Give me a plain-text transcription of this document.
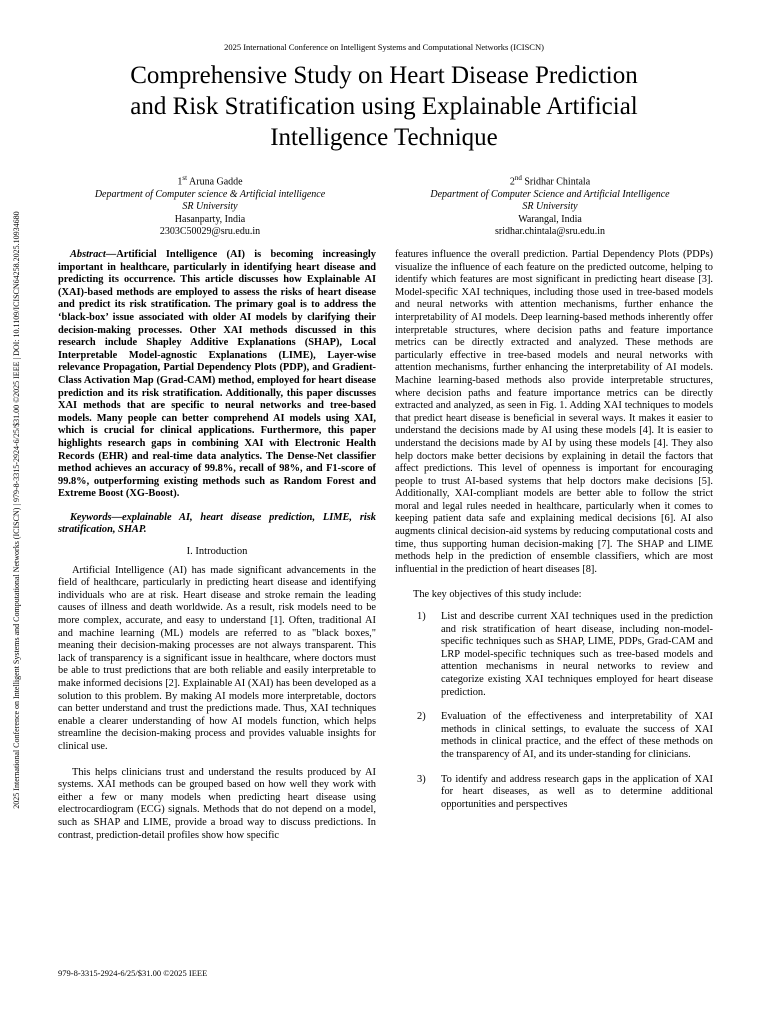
2025 International Conference on Intelligent Systems and Computational Networks (ICISCN)
Comprehensive Study on Heart Disease Prediction
and Risk Stratification using Explainable Artificial
Intelligence Technique
2025 International Conference on Intelligent Systems and Computational Networks (ICISCN) | 979-8-3315-2924-6/25/$31.00 ©2025 IEEE | DOI: 10.1109/ICISCN64258.2025.10934680
1st Aruna Gadde
Department of Computer science & Artificial intelligence
SR University
Hasanparty, India
2303C50029@sru.edu.in
2nd Sridhar Chintala
Department of Computer Science and Artificial Intelligence
SR University
Warangal, India
sridhar.chintala@sru.edu.in

Abstract—Artificial Intelligence (AI) is becoming increasingly important in healthcare, particularly in identifying heart disease and predicting its occurrence. This article discusses how Explainable AI (XAI)-based methods are employed to assess the risks of heart disease and predict its risk stratification. The primary goal is to address the ‘black-box’ issue associated with older AI models by clarifying their decision-making processes. Other XAI methods discussed in this research include Shapley Additive Explanations (SHAP), Local Interpretable Model-agnostic Explanations (LIME), Layer-wise relevance Propagation, Partial Dependency Plots (PDP), and Gradient-Class Activation Map (Grad-CAM) method, employed for heart disease prediction and its risk stratification. Additionally, this paper discusses XAI methods that are specific to neural networks and tree-based models. Many people can better comprehend AI models using XAI, which is crucial for clinical applications. Furthermore, this paper highlights research gaps in combining XAI with Electronic Health Records (EHR) and real-time data analytics. The Dense-Net classifier method achieves an accuracy of 99.8%, recall of 98%, and F1-score of 99.8%, outperforming existing methods such as Random Forest and Extreme Boost (XG-Boost).

Keywords—explainable AI, heart disease prediction, LIME, risk stratification, SHAP.

I. Introduction

Artificial Intelligence (AI) has made significant advancements in the field of healthcare, particularly in predicting heart disease and identifying individuals who are at risk. Heart disease and stroke remain the leading causes of illness and death worldwide. As a result, risk models need to be more complex, accurate, and easy to understand [1]. Often, traditional AI and machine learning (ML) models are referred to as "black boxes," meaning their decision-making processes are not always transparent. This lack of transparency is a significant issue in healthcare, where doctors must be able to trust predictions that are both reliable and easily interpretable to make informed decisions [2]. Explainable AI (XAI) has been developed as a solution to this problem. By making AI models more interpretable, doctors can better understand and trust the predictions made. Thus, XAI techniques enable a clearer understanding of how AI models function, which helps streamline the decision-making process and provides valuable insights for clinical use.

This helps clinicians trust and understand the results produced by AI systems. XAI methods can be grouped based on how well they work with either a few or many models when predicting heart disease using electrocardiogram (ECG) signals. Methods that do not depend on a model, such as SHAP and LIME, provide a broad way to discuss predictions. In contrast, prediction-detail profiles show how specific

features influence the overall prediction. Partial Dependency Plots (PDPs) visualize the influence of each feature on the predicted outcome, helping to identify which features are most significant in predicting heart disease [3]. Model-specific XAI techniques, including those used in tree-based models and neural networks with attention mechanisms, further enhance the interpretability of AI models. Deep learning-based methods inherently offer interpretable structures, where decision paths and feature importance metrics can be directly extracted and analyzed. These methods are particularly effective in tree-based models and neural networks with attention mechanisms, further enhancing the interpretability of AI models. Machine learning-based methods also provide interpretable structures, where decision paths and feature importance metrics can be directly extracted and analyzed, as seen in Fig. 1. Adding XAI techniques to models that predict heart disease is beneficial in several ways. It makes it easier to understand the decisions made by AI using these models [4]. It is easier to understand the decisions made by AI by using these models [4]. They also help doctors make better decisions by explaining in detail the factors that affect predictions. This level of openness is important for encouraging people to trust AI-based systems that help doctors make decisions [5]. Additionally, XAI-compliant models are better able to follow the strict moral and legal rules needed in healthcare, particularly when it comes to keeping patient data safe and explaining medical decisions [6]. AI also augments clinical decision-aid systems by reducing computational costs and time, thus supporting human decision-making [7]. The SHAP and LIME methods help in the prediction of ensemble classifiers, which are most influential in the prediction of heart diseases [8].

The key objectives of this study include:

1) List and describe current XAI techniques used in the prediction and risk stratification of heart disease, including non-model-specific techniques such as SHAP, LIME, PDPs, Grad-CAM and LRP model-specific techniques such as tree-based models and attention mechanisms in neural networks to review and categorize existing XAI techniques employed for heart disease prediction.
2) Evaluation of the effectiveness and interpretability of XAI methods in clinical settings, to evaluate the success of XAI methods in clinical practice, and the effect of these methods on the transparency of AI, and its under-standing for clinicians.
3) To identify and address research gaps in the application of XAI for heart diseases, as well as to determine additional opportunities and perspectives
979-8-3315-2924-6/25/$31.00 ©2025 IEEE
